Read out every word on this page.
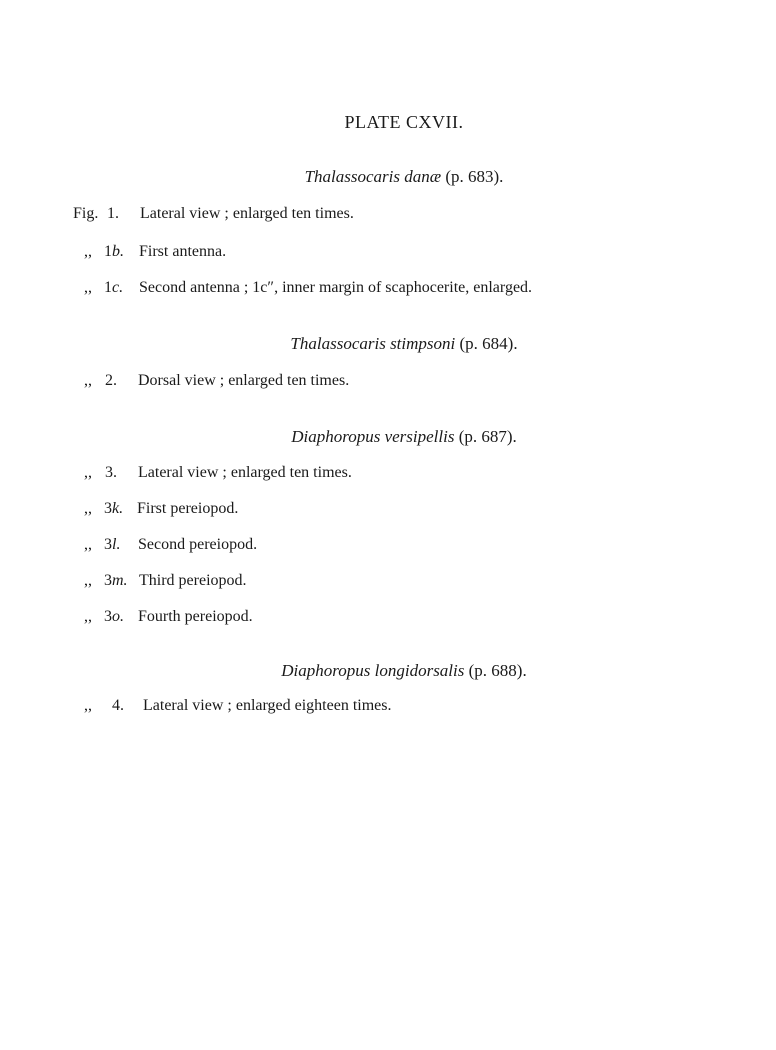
PLATE CXVII.
Thalassocaris danæ (p. 683).
Fig. 1. Lateral view ; enlarged ten times.
,, 1b. First antenna.
,, 1c. Second antenna ; 1c″, inner margin of scaphocerite, enlarged.
Thalassocaris stimpsoni (p. 684).
,, 2. Dorsal view ; enlarged ten times.
Diaphoropus versipellis (p. 687).
,, 3. Lateral view ; enlarged ten times.
,, 3k. First pereiopod.
,, 3l. Second pereiopod.
,, 3m. Third pereiopod.
,, 3o. Fourth pereiopod.
Diaphoropus longidorsalis (p. 688).
,, 4. Lateral view ; enlarged eighteen times.
